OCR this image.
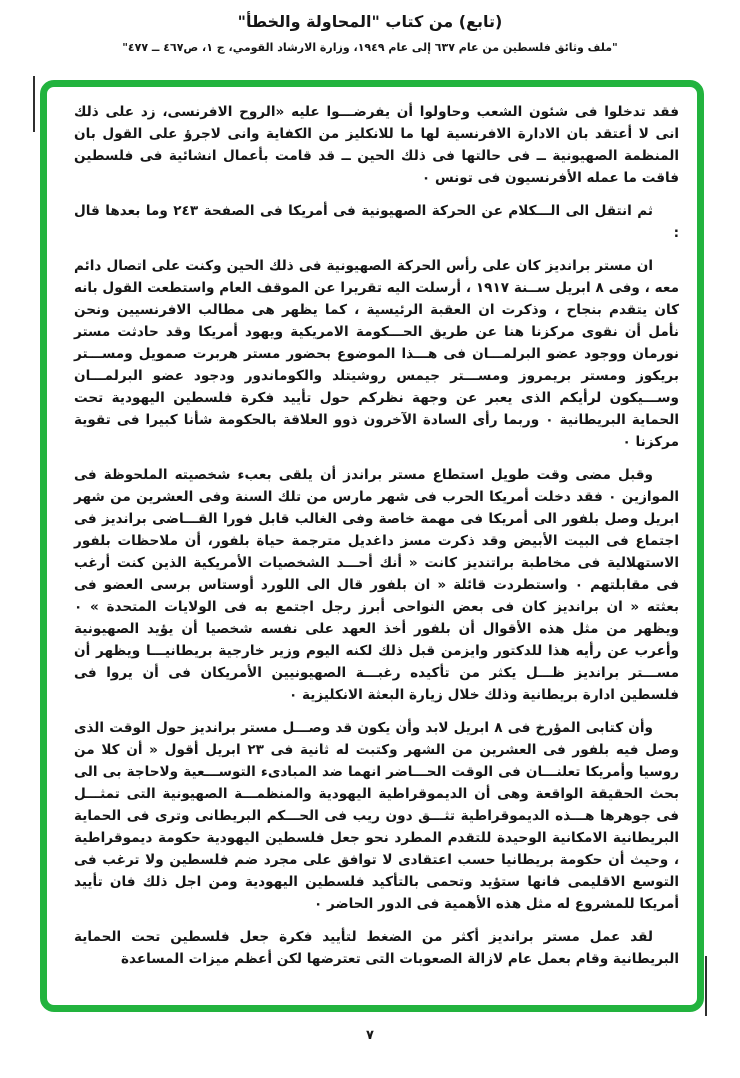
(تابع) من كتاب "المحاولة والخطأ"
"ملف وثائق فلسطين من عام ٦٣٧ إلى عام ١٩٤٩، وزارة الارشاد القومي، ج ١، ص٤٦٧ ــ ٤٧٧"

فقد تدخلوا فى شئون الشعب وحاولوا أن يفرضـــوا عليه «الروح الافرنسى، زد على ذلك انى لا أعتقد بان الادارة الافرنسية لها ما للانكليز من الكفاية وانى لاجرؤ على القول بان المنظمة الصهيونية ــ فى حالتها فى ذلك الحين ــ قد قامت بأعمال انشائية فى فلسطين فاقت ما عمله الأفرنسيون فى تونس ٠

ثم انتقل الى الـــكلام عن الحركة الصهيونية فى أمريكا فى الصفحة ٢٤٣ وما بعدها قال :

ان مستر برانديز كان على رأس الحركة الصهيونية فى ذلك الحين وكنت على اتصال دائم معه ، وفى ٨ ابريل ســنة ١٩١٧ ، أرسلت اليه تقريرا عن الموقف العام واستطعت القول بانه كان يتقدم بنجاح ، وذكرت ان العقبة الرئيسية ، كما يظهر هى مطالب الافرنسيين ونحن نأمل أن نقوى مركزنا هنا عن طريق الحـــكومة الامريكية ويهود أمريكا وقد حادثت مستر نورمان ووجود عضو البرلمـــان فى هـــذا الموضوع بحضور مستر هربرت صمويل ومســـتر بريكوز ومستر بريمروز ومســـتر جيمس روشيتلد والكوماندور ودجود عضو البرلمـــان وســـيكون لرأيكم الذى يعبر عن وجهة نظركم حول تأييد فكرة فلسطين اليهودية تحت الحماية البريطانية ٠ وربما رأى السادة الآخرون ذوو العلاقة بالحكومة شأنا كبيرا فى تقوية مركزنا ٠

وقبل مضى وقت طويل استطاع مستر براندز أن يلقى بعبء شخصيته الملحوظة فى الموازين ٠ فقد دخلت أمريكا الحرب فى شهر مارس من تلك السنة وفى العشرين من شهر ابريل وصل بلفور الى أمريكا فى مهمة خاصة وفى الغالب قابل فورا القـــاضى برانديز فى اجتماع فى البيت الأبيض وقد ذكرت مسز داغديل مترجمة حياة بلفور، أن ملاحظات بلفور الاستهلالية فى مخاطبة براتنديز كانت « أنك أحـــد الشخصيات الأمريكية الذين كنت أرغب فى مقابلتهم ٠ واستطردت قائلة « ان بلفور قال الى اللورد أوستاس برسى العضو فى بعثته « ان برانديز كان فى بعض النواحى أبرز رجل اجتمع به فى الولايات المتحدة » ٠ ويظهر من مثل هذه الأقوال أن بلفور أخذ العهد على نفسه شخصيا أن يؤيد الصهيونية وأعرب عن رأيه هذا للدكتور وايزمن قبل ذلك لكنه اليوم وزير خارجية بريطانيـــا ويظهر أن مســـتر برانديز ظـــل يكثر من تأكيده رغبـــة الصهيونيين الأمريكان فى أن يروا فى فلسطين ادارة بريطانية وذلك خلال زيارة البعثة الانكليزية ٠

وأن كتابى المؤرخ فى ٨ ابريل لابد وأن يكون قد وصـــل مستر برانديز حول الوقت الذى وصل فيه بلفور فى العشرين من الشهر وكتبت له ثانية فى ٢٣ ابريل أقول « أن كلا من روسيا وأمريكا تعلنـــان فى الوقت الحـــاضر انهما ضد المبادىء التوســـعية ولاحاجة بى الى بحث الحقيقة الواقعة وهى أن الديموقراطية اليهودية والمنظمـــة الصهيونية التى تمثـــل فى جوهرها هـــذه الديموقراطية تثـــق دون ريب فى الحـــكم البريطانى وترى فى الحماية البريطانية الامكانية الوحيدة للتقدم المطرد نحو جعل فلسطين اليهودية حكومة ديموقراطية ، وحيث أن حكومة بريطانيا حسب اعتقادى لا توافق على مجرد ضم فلسطين ولا ترغب فى التوسع الاقليمى فانها ستؤيد وتحمى بالتأكيد فلسطين اليهودية ومن اجل ذلك فان تأييد أمريكا للمشروع له مثل هذه الأهمية فى الدور الحاضر ٠

لقد عمل مستر برانديز أكثر من الضغط لتأييد فكرة جعل فلسطين تحت الحماية البريطانية وقام بعمل عام لازالة الصعوبات التى تعترضها لكن أعظم ميزات المساعدة

٧
